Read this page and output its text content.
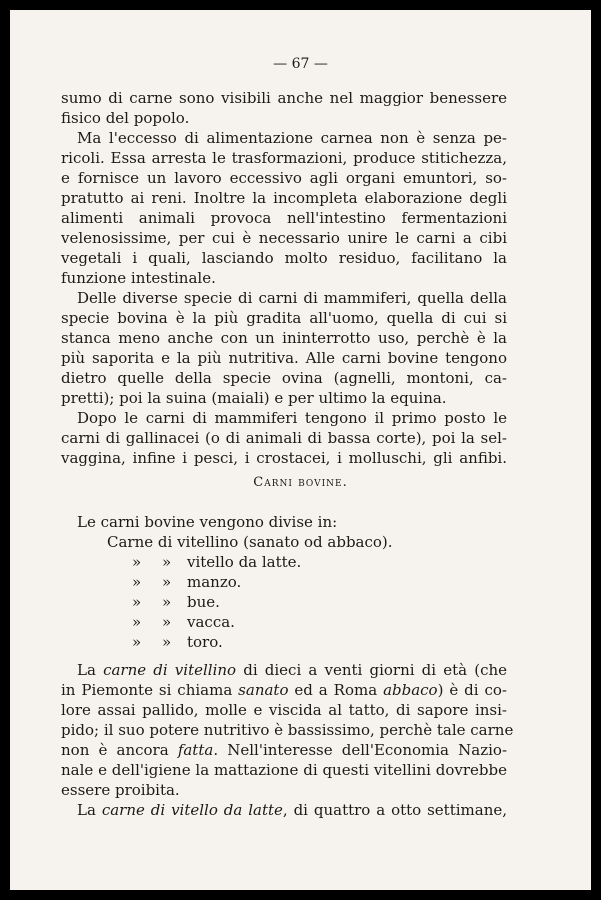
— 67 —
sumo di carne sono visibili anche nel maggior benessere
fisico del popolo.
Ma l'eccesso di alimentazione carnea non è senza pe-
ricoli. Essa arresta le trasformazioni, produce stitichezza,
e fornisce un lavoro eccessivo agli organi emuntori, so-
pratutto ai reni. Inoltre la incompleta elaborazione degli
alimenti animali provoca nell'intestino fermentazioni
velenosissime, per cui è necessario unire le carni a cibi
vegetali i quali, lasciando molto residuo, facilitano la
funzione intestinale.
Delle diverse specie di carni di mammiferi, quella della
specie bovina è la più gradita all'uomo, quella di cui si
stanca meno anche con un ininterrotto uso, perchè è la
più saporita e la più nutritiva. Alle carni bovine tengono
dietro quelle della specie ovina (agnelli, montoni, ca-
pretti); poi la suina (maiali) e per ultimo la equina.
Dopo le carni di mammiferi tengono il primo posto le
carni di gallinacei (o di animali di bassa corte), poi la sel-
vaggina, infine i pesci, i crostacei, i molluschi, gli anfibi.
Carni bovine.
Le carni bovine vengono divise in:
Carne di vitellino (sanato od abbaco).
» » vitello da latte.
» » manzo.
» » bue.
» » vacca.
» » toro.
La carne di vitellino di dieci a venti giorni di età (che
in Piemonte si chiama sanato ed a Roma abbaco) è di co-
lore assai pallido, molle e viscida al tatto, di sapore insi-
pido; il suo potere nutritivo è bassissimo, perchè tale carne
non è ancora fatta. Nell'interesse dell'Economia Nazio-
nale e dell'igiene la mattazione di questi vitellini dovrebbe
essere proibita.
La carne di vitello da latte, di quattro a otto settimane,
